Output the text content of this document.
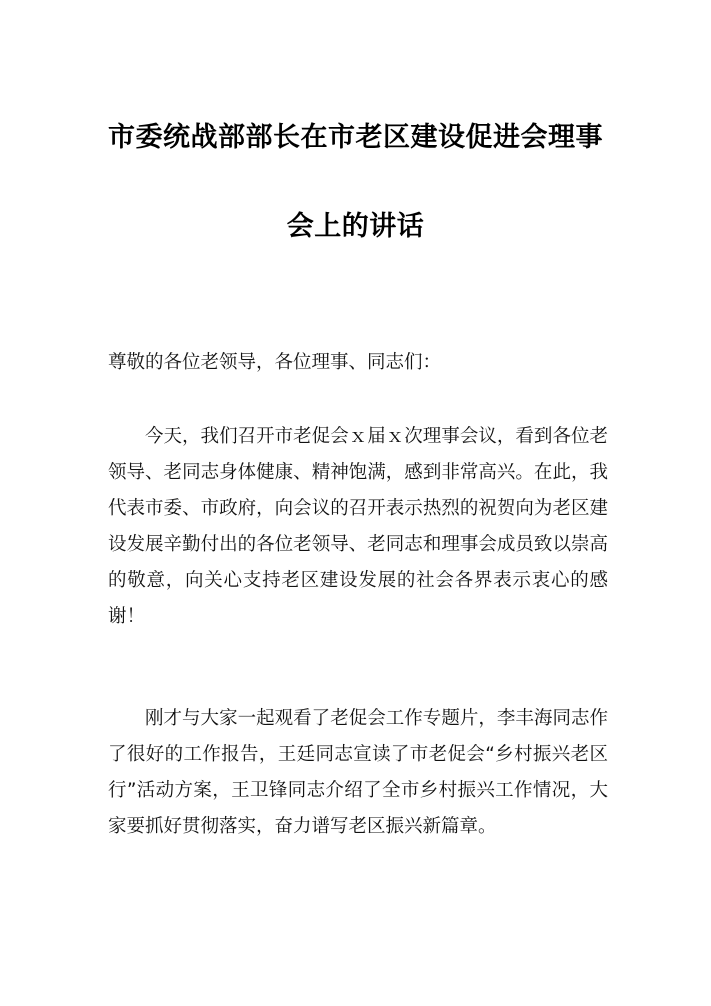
市委统战部部长在市老区建设促进会理事
会上的讲话
尊敬的各位老领导，各位理事、同志们：

今天，我们召开市老促会ｘ届ｘ次理事会议，看到各位老领导、老同志身体健康、精神饱满，感到非常高兴。在此，我代表市委、市政府，向会议的召开表示热烈的祝贺向为老区建设发展辛勤付出的各位老领导、老同志和理事会成员致以崇高的敬意，向关心支持老区建设发展的社会各界表示衷心的感谢！

刚才与大家一起观看了老促会工作专题片，李丰海同志作了很好的工作报告，王廷同志宣读了市老促会“乡村振兴老区行”活动方案，王卫锋同志介绍了全市乡村振兴工作情况，大家要抓好贯彻落实，奋力谱写老区振兴新篇章。
